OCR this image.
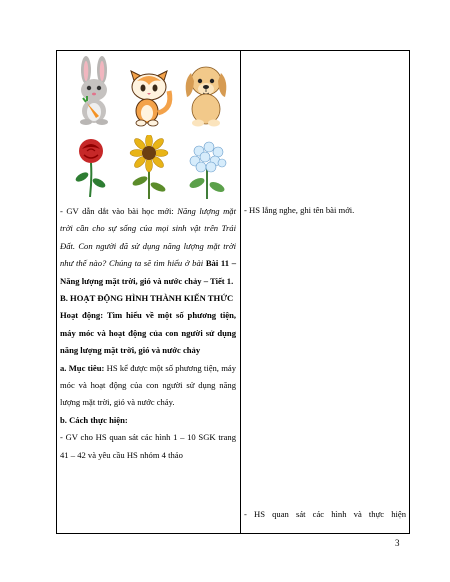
- GV dẫn dắt vào bài học mới: Năng lượng mặt trời cần cho sự sống của mọi sinh vật trên Trái Đất. Con người đã sử dụng năng lượng mặt trời như thế nào? Chúng ta sẽ tìm hiểu ở bài Bài 11 – Năng lượng mặt trời, gió và nước chảy – Tiết 1.

B. HOẠT ĐỘNG HÌNH THÀNH KIẾN THỨC

Hoạt động: Tìm hiểu về một số phương tiện, máy móc và hoạt động của con người sử dụng năng lượng mặt trời, gió và nước chảy

a. Mục tiêu: HS kể được một số phương tiện, máy móc và hoạt động của con người sử dụng năng lượng mặt trời, gió và nước chảy.

b. Cách thực hiện:

- GV cho HS quan sát các hình 1 – 10 SGK trang 41 – 42 và yêu cầu HS nhóm 4 thảo

- HS lắng nghe, ghi tên bài mới.
- HS quan sát các hình và thực hiện
3
